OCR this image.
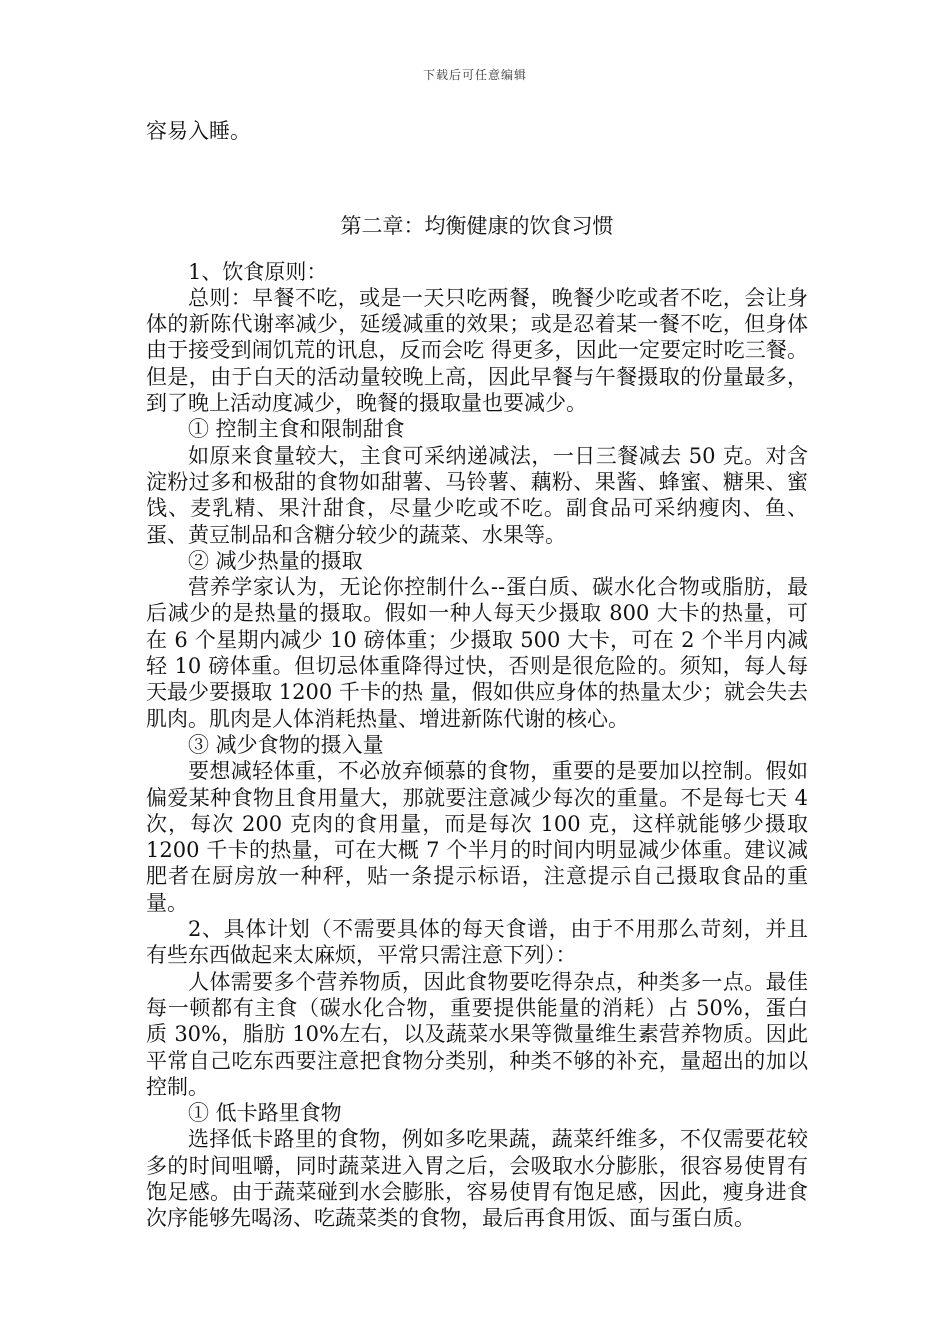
下载后可任意编辑

容易入睡。

第二章：均衡健康的饮食习惯

1、饮食原则：

总则：早餐不吃，或是一天只吃两餐，晚餐少吃或者不吃，会让身体的新陈代谢率减少，延缓减重的效果；或是忍着某一餐不吃，但身体由于接受到闹饥荒的讯息，反而会吃 得更多，因此一定要定时吃三餐。但是，由于白天的活动量较晚上高，因此早餐与午餐摄取的份量最多，到了晚上活动度减少，晚餐的摄取量也要减少。

① 控制主食和限制甜食

如原来食量较大，主食可采纳递减法，一日三餐减去 50 克。对含淀粉过多和极甜的食物如甜薯、马铃薯、藕粉、果酱、蜂蜜、糖果、蜜饯、麦乳精、果汁甜食，尽量少吃或不吃。副食品可采纳瘦肉、鱼、蛋、黄豆制品和含糖分较少的蔬菜、水果等。

② 减少热量的摄取

营养学家认为，无论你控制什么--蛋白质、碳水化合物或脂肪，最后减少的是热量的摄取。假如一种人每天少摄取 800 大卡的热量，可在 6 个星期内减少 10 磅体重；少摄取 500 大卡，可在 2 个半月内减轻 10 磅体重。但切忌体重降得过快，否则是很危险的。须知，每人每天最少要摄取 1200 千卡的热 量，假如供应身体的热量太少；就会失去肌肉。肌肉是人体消耗热量、增进新陈代谢的核心。

③ 减少食物的摄入量

要想减轻体重，不必放弃倾慕的食物，重要的是要加以控制。假如偏爱某种食物且食用量大，那就要注意减少每次的重量。不是每七天 4 次，每次 200 克肉的食用量，而是每次 100 克，这样就能够少摄取 1200 千卡的热量，可在大概 7 个半月的时间内明显减少体重。建议减肥者在厨房放一种秤，贴一条提示标语，注意提示自己摄取食品的重量。

2、具体计划（不需要具体的每天食谱，由于不用那么苛刻，并且有些东西做起来太麻烦，平常只需注意下列）：

人体需要多个营养物质，因此食物要吃得杂点，种类多一点。最佳每一顿都有主食（碳水化合物，重要提供能量的消耗）占 50%，蛋白质 30%，脂肪 10%左右，以及蔬菜水果等微量维生素营养物质。因此平常自己吃东西要注意把食物分类别，种类不够的补充，量超出的加以控制。

① 低卡路里食物

选择低卡路里的食物，例如多吃果蔬，蔬菜纤维多，不仅需要花较多的时间咀嚼，同时蔬菜进入胃之后，会吸取水分膨胀，很容易使胃有饱足感。由于蔬菜碰到水会膨胀，容易使胃有饱足感，因此，瘦身进食次序能够先喝汤、吃蔬菜类的食物，最后再食用饭、面与蛋白质。
